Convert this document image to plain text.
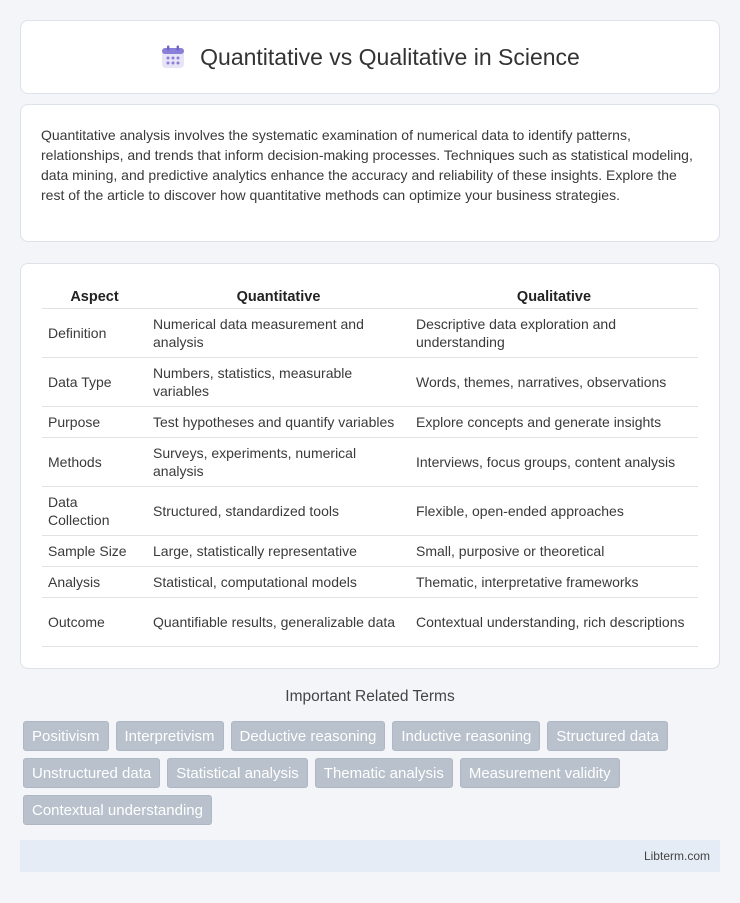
Quantitative vs Qualitative in Science

Quantitative analysis involves the systematic examination of numerical data to identify patterns, relationships, and trends that inform decision-making processes. Techniques such as statistical modeling, data mining, and predictive analytics enhance the accuracy and reliability of these insights. Explore the rest of the article to discover how quantitative methods can optimize your business strategies.

Aspect	Quantitative	Qualitative
Definition	Numerical data measurement and analysis	Descriptive data exploration and understanding
Data Type	Numbers, statistics, measurable variables	Words, themes, narratives, observations
Purpose	Test hypotheses and quantify variables	Explore concepts and generate insights
Methods	Surveys, experiments, numerical analysis	Interviews, focus groups, content analysis
Data Collection	Structured, standardized tools	Flexible, open-ended approaches
Sample Size	Large, statistically representative	Small, purposive or theoretical
Analysis	Statistical, computational models	Thematic, interpretative frameworks
Outcome	Quantifiable results, generalizable data	Contextual understanding, rich descriptions
Important Related Terms
Positivism	Interpretivism	Deductive reasoning	Inductive reasoning	Structured data
Unstructured data	Statistical analysis	Thematic analysis	Measurement validity
Contextual understanding
Libterm.com
